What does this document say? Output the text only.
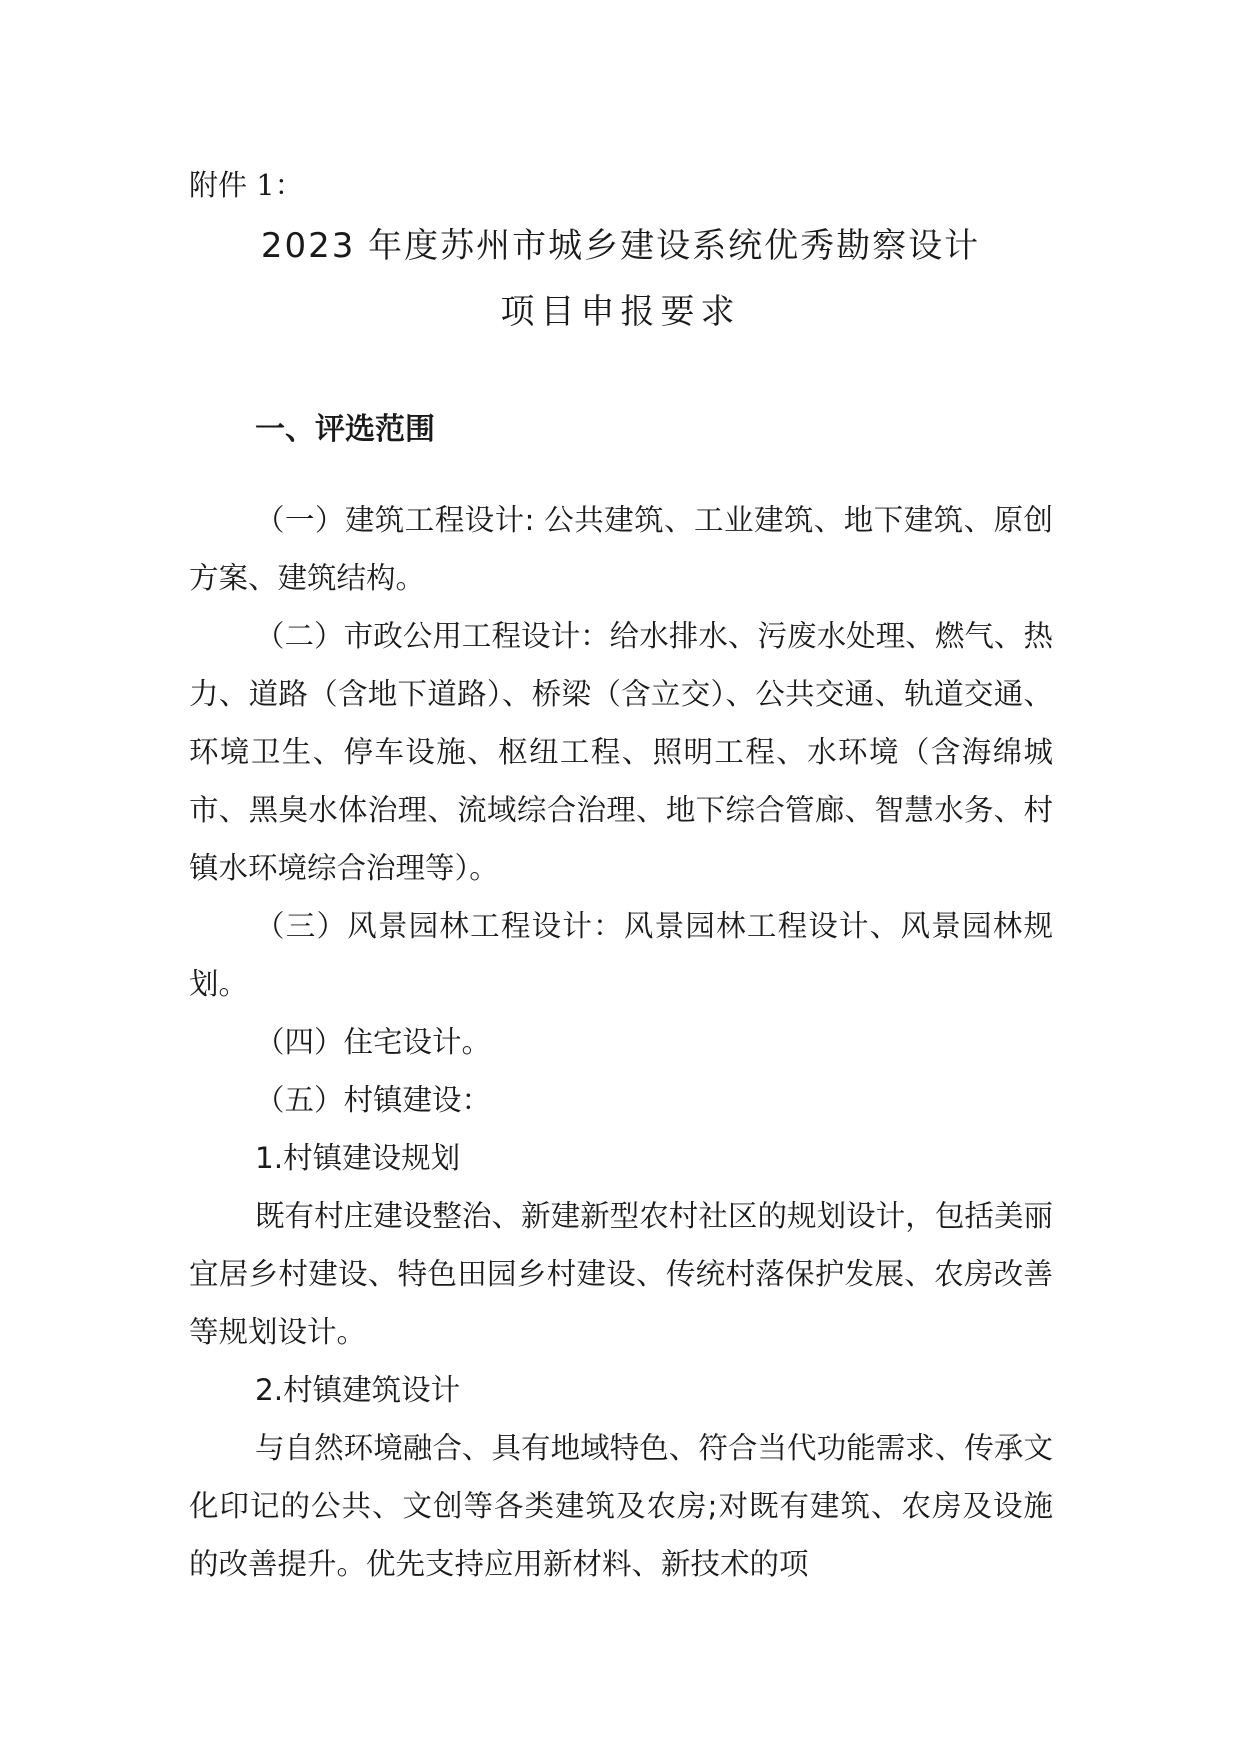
附件 1：
2023 年度苏州市城乡建设系统优秀勘察设计
项目申报要求
一、评选范围

（一）建筑工程设计: 公共建筑、工业建筑、地下建筑、原创方案、建筑结构。

（二）市政公用工程设计：给水排水、污废水处理、燃气、热力、道路（含地下道路）、桥梁（含立交）、公共交通、轨道交通、环境卫生、停车设施、枢纽工程、照明工程、水环境（含海绵城市、黑臭水体治理、流域综合治理、地下综合管廊、智慧水务、村镇水环境综合治理等）。

（三）风景园林工程设计：风景园林工程设计、风景园林规划。

（四）住宅设计。

（五）村镇建设：

1.村镇建设规划

既有村庄建设整治、新建新型农村社区的规划设计，包括美丽宜居乡村建设、特色田园乡村建设、传统村落保护发展、农房改善等规划设计。

2.村镇建筑设计

与自然环境融合、具有地域特色、符合当代功能需求、传承文化印记的公共、文创等各类建筑及农房;对既有建筑、农房及设施的改善提升。优先支持应用新材料、新技术的项
